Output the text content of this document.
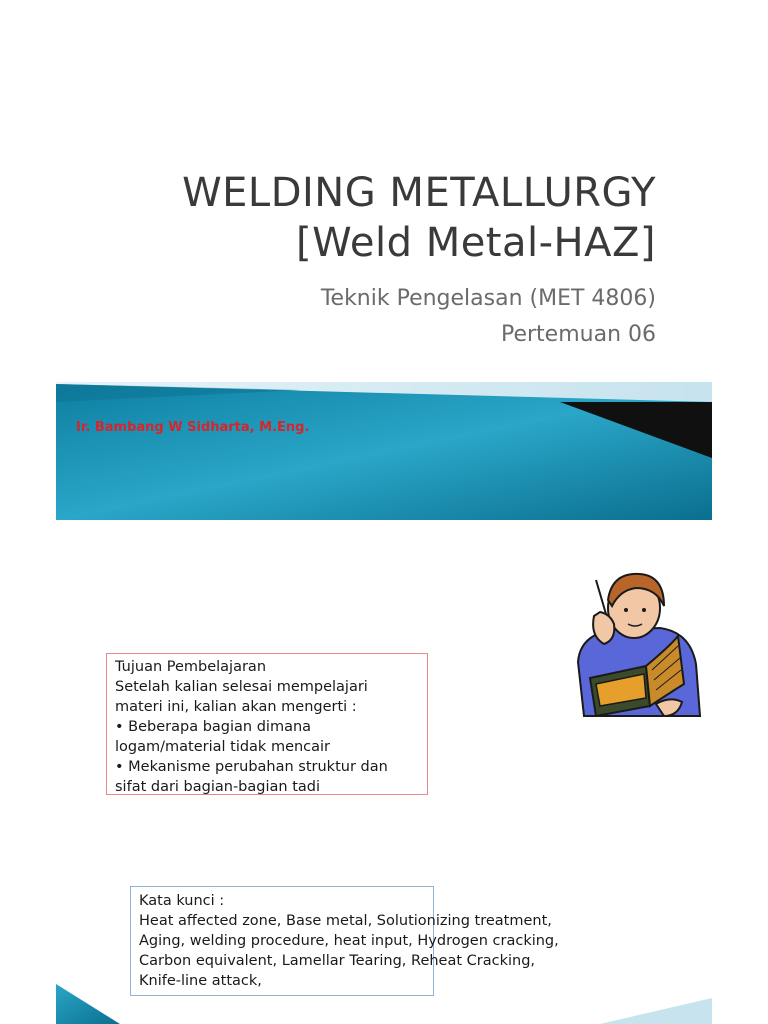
WELDING METALLURGY
[Weld Metal-HAZ]
Teknik Pengelasan (MET 4806)
Pertemuan 06
Ir. Bambang W Sidharta, M.Eng.
Tujuan Pembelajaran
Setelah kalian selesai mempelajari
materi ini, kalian akan mengerti :
• Beberapa bagian dimana
logam/material tidak mencair
• Mekanisme perubahan struktur dan
sifat dari bagian-bagian tadi
Kata kunci :
Heat affected zone, Base metal, Solutionizing treatment,
Aging, welding procedure, heat input, Hydrogen cracking,
Carbon equivalent, Lamellar Tearing, Reheat Cracking,
Knife-line attack,
